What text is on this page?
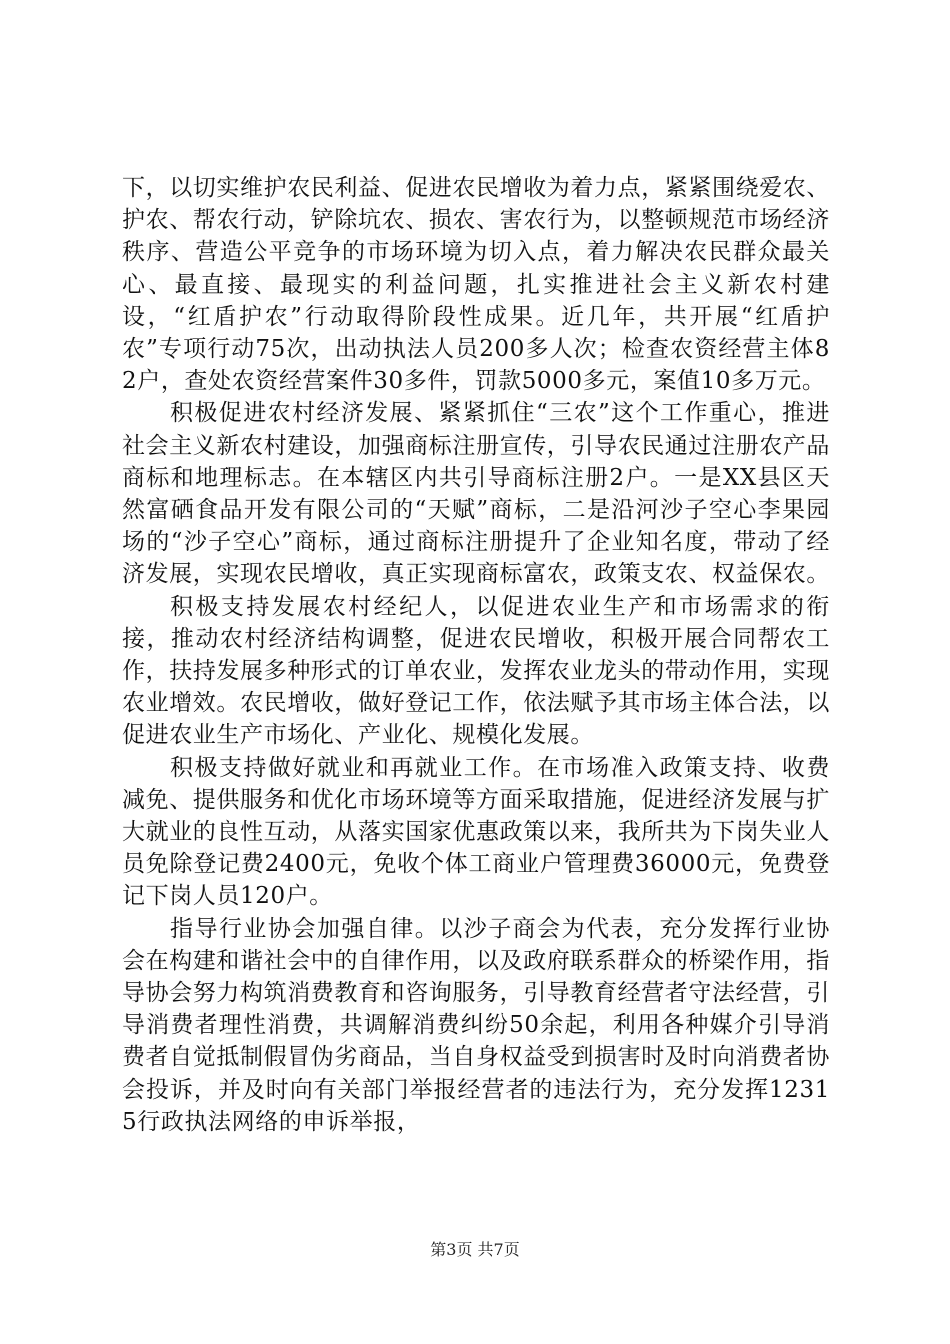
下，以切实维护农民利益、促进农民增收为着力点，紧紧围绕爱农、护农、帮农行动，铲除坑农、损农、害农行为，以整顿规范市场经济秩序、营造公平竞争的市场环境为切入点，着力解决农民群众最关心、最直接、最现实的利益问题，扎实推进社会主义新农村建设，“红盾护农”行动取得阶段性成果。近几年，共开展“红盾护农”专项行动75次，出动执法人员200多人次；检查农资经营主体82户，查处农资经营案件30多件，罚款5000多元，案值10多万元。

积极促进农村经济发展、紧紧抓住“三农”这个工作重心，推进社会主义新农村建设，加强商标注册宣传，引导农民通过注册农产品商标和地理标志。在本辖区内共引导商标注册2户。一是XX县区天然富硒食品开发有限公司的“天赋”商标，二是沿河沙子空心李果园场的“沙子空心”商标，通过商标注册提升了企业知名度，带动了经济发展，实现农民增收，真正实现商标富农，政策支农、权益保农。

积极支持发展农村经纪人，以促进农业生产和市场需求的衔接，推动农村经济结构调整，促进农民增收，积极开展合同帮农工作，扶持发展多种形式的订单农业，发挥农业龙头的带动作用，实现农业增效。农民增收，做好登记工作，依法赋予其市场主体合法，以促进农业生产市场化、产业化、规模化发展。

积极支持做好就业和再就业工作。在市场准入政策支持、收费减免、提供服务和优化市场环境等方面采取措施，促进经济发展与扩大就业的良性互动，从落实国家优惠政策以来，我所共为下岗失业人员免除登记费2400元，免收个体工商业户管理费36000元，免费登记下岗人员120户。

指导行业协会加强自律。以沙子商会为代表，充分发挥行业协会在构建和谐社会中的自律作用，以及政府联系群众的桥梁作用，指导协会努力构筑消费教育和咨询服务，引导教育经营者守法经营，引导消费者理性消费，共调解消费纠纷50余起，利用各种媒介引导消费者自觉抵制假冒伪劣商品，当自身权益受到损害时及时向消费者协会投诉，并及时向有关部门举报经营者的违法行为，充分发挥12315行政执法网络的申诉举报，

第3页 共7页
